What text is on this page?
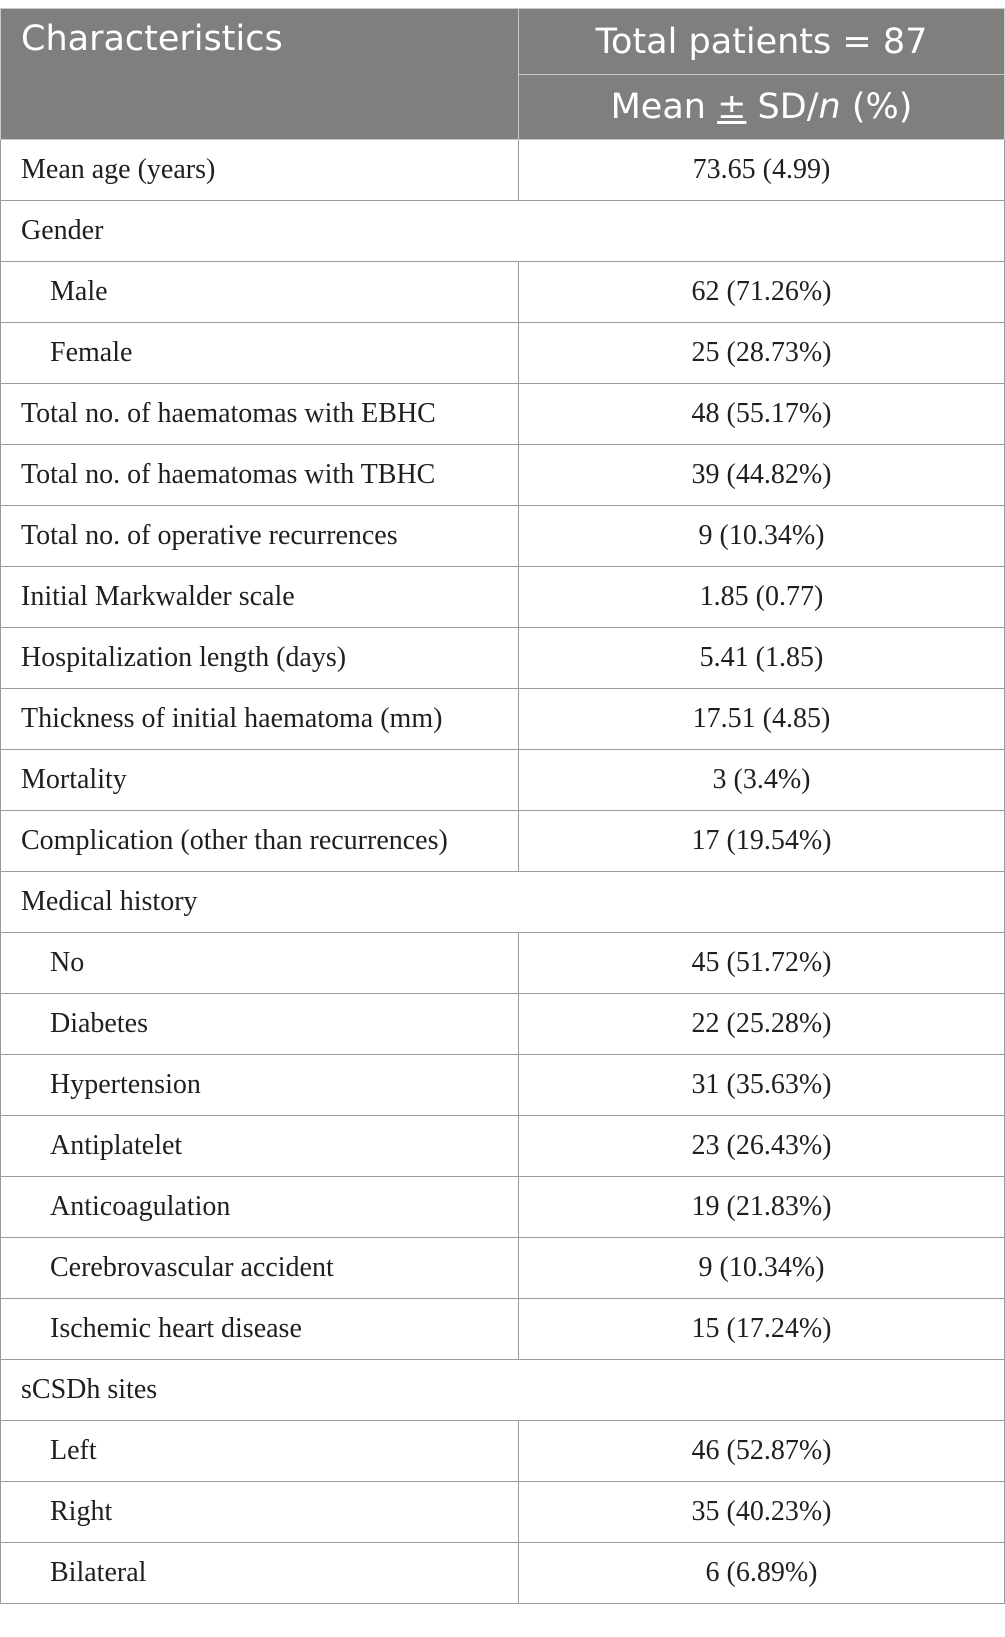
Characteristics	Total patients = 87
	Mean ± SD/n (%)
Mean age (years)	73.65 (4.99)
Gender	
Male	62 (71.26%)
Female	25 (28.73%)
Total no. of haematomas with EBHC	48 (55.17%)
Total no. of haematomas with TBHC	39 (44.82%)
Total no. of operative recurrences	9 (10.34%)
Initial Markwalder scale	1.85 (0.77)
Hospitalization length (days)	5.41 (1.85)
Thickness of initial haematoma (mm)	17.51 (4.85)
Mortality	3 (3.4%)
Complication (other than recurrences)	17 (19.54%)
Medical history	
No	45 (51.72%)
Diabetes	22 (25.28%)
Hypertension	31 (35.63%)
Antiplatelet	23 (26.43%)
Anticoagulation	19 (21.83%)
Cerebrovascular accident	9 (10.34%)
Ischemic heart disease	15 (17.24%)
sCSDh sites	
Left	46 (52.87%)
Right	35 (40.23%)
Bilateral	6 (6.89%)
